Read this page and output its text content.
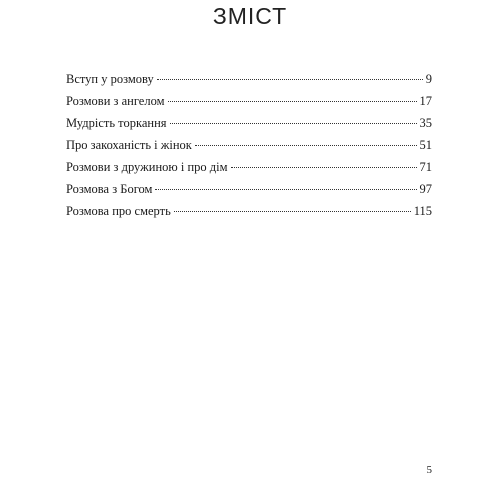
ЗМІСТ
Вступ у розмову	9
Розмови з ангелом	17
Мудрість торкання	35
Про закоханість і жінок	51
Розмови з дружиною і про дім	71
Розмова з Богом	97
Розмова про смерть	115
5
